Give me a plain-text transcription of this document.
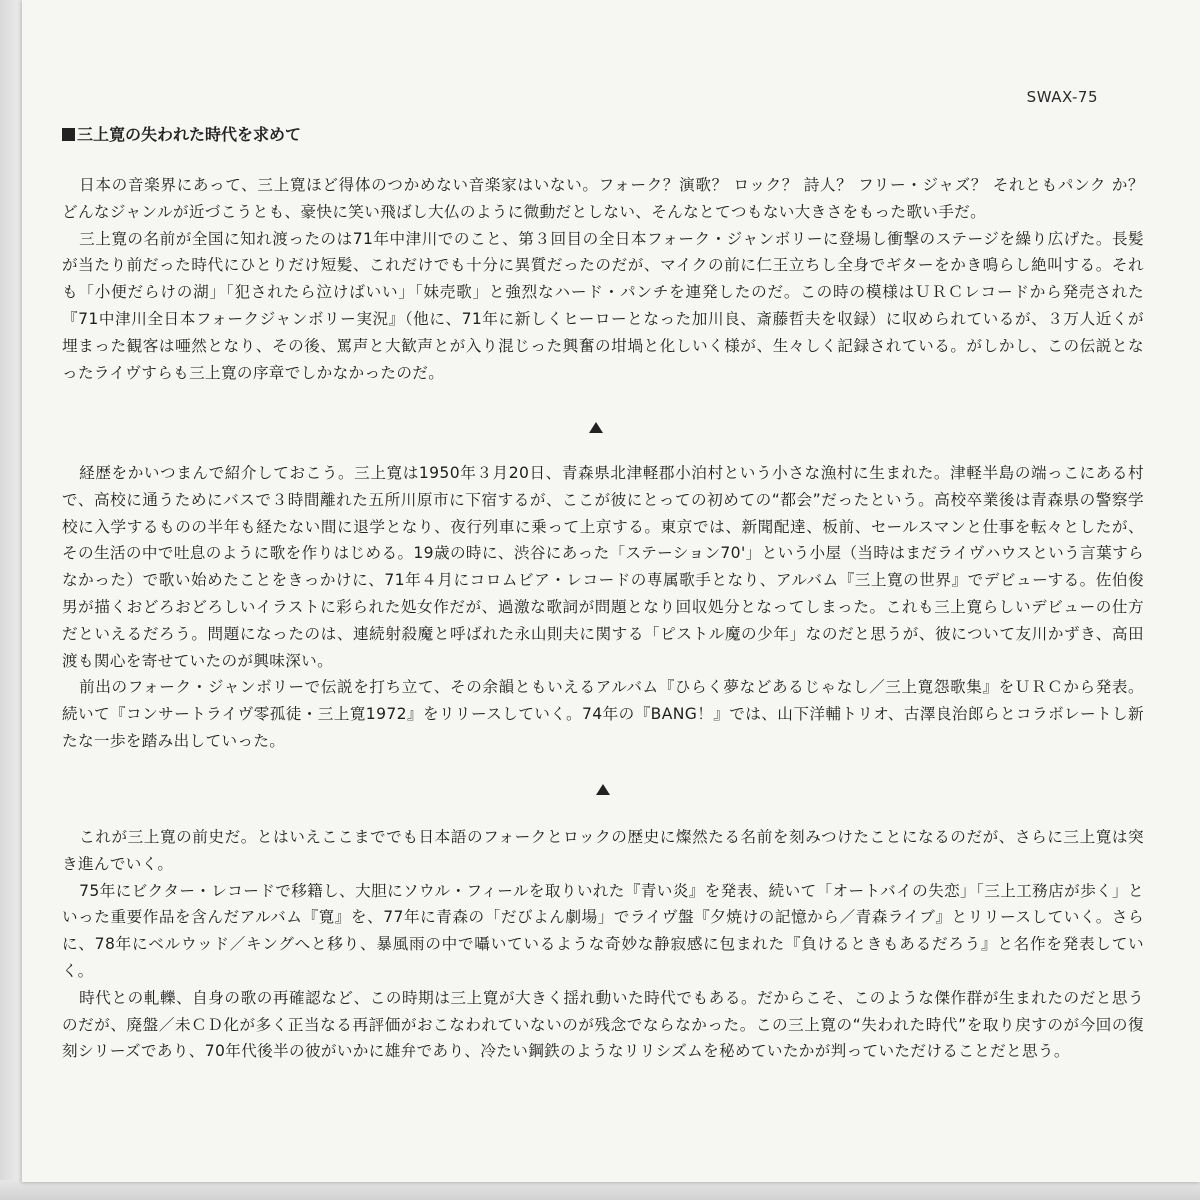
SWAX-75
三上寛の失われた時代を求めて

日本の音楽界にあって、三上寛ほど得体のつかめない音楽家はいない。フォーク？演歌？ ロック？ 詩人？ フリー・ジャズ？ それともパンク か？ どんなジャンルが近づこうとも、豪快に笑い飛ばし大仏のように微動だとしない、そんなとてつもない大きさをもった歌い手だ。

三上寛の名前が全国に知れ渡ったのは71年中津川でのこと、第３回目の全日本フォーク・ジャンボリーに登場し衝撃のステージを繰り広げた。長髪が当たり前だった時代にひとりだけ短髪、これだけでも十分に異質だったのだが、マイクの前に仁王立ちし全身でギターをかき鳴らし絶叫する。それも「小便だらけの湖」「犯されたら泣けばいい」「妹売歌」と強烈なハード・パンチを連発したのだ。この時の模様はＵＲＣレコードから発売された『71中津川全日本フォークジャンボリー実況』（他に、71年に新しくヒーローとなった加川良、斎藤哲夫を収録）に収められているが、３万人近くが埋まった観客は唖然となり、その後、罵声と大歓声とが入り混じった興奮の坩堝と化しいく様が、生々しく記録されている。がしかし、この伝説となったライヴすらも三上寛の序章でしかなかったのだ。

経歴をかいつまんで紹介しておこう。三上寛は1950年３月20日、青森県北津軽郡小泊村という小さな漁村に生まれた。津軽半島の端っこにある村で、高校に通うためにバスで３時間離れた五所川原市に下宿するが、ここが彼にとっての初めての“都会”だったという。高校卒業後は青森県の警察学校に入学するものの半年も経たない間に退学となり、夜行列車に乗って上京する。東京では、新聞配達、板前、セールスマンと仕事を転々としたが、その生活の中で吐息のように歌を作りはじめる。19歳の時に、渋谷にあった「ステーション70'」という小屋（当時はまだライヴハウスという言葉すらなかった）で歌い始めたことをきっかけに、71年４月にコロムビア・レコードの専属歌手となり、アルバム『三上寛の世界』でデビューする。佐伯俊男が描くおどろおどろしいイラストに彩られた処女作だが、過激な歌詞が問題となり回収処分となってしまった。これも三上寛らしいデビューの仕方だといえるだろう。問題になったのは、連続射殺魔と呼ばれた永山則夫に関する「ピストル魔の少年」なのだと思うが、彼について友川かずき、高田渡も関心を寄せていたのが興味深い。

前出のフォーク・ジャンボリーで伝説を打ち立て、その余韻ともいえるアルバム『ひらく夢などあるじゃなし／三上寛怨歌集』をＵＲＣから発表。続いて『コンサートライヴ零孤徒・三上寛1972』をリリースしていく。74年の『BANG！』では、山下洋輔トリオ、古澤良治郎らとコラボレートし新たな一歩を踏み出していった。

これが三上寛の前史だ。とはいえここまででも日本語のフォークとロックの歴史に燦然たる名前を刻みつけたことになるのだが、さらに三上寛は突き進んでいく。

75年にビクター・レコードで移籍し、大胆にソウル・フィールを取りいれた『青い炎』を発表、続いて「オートバイの失恋」「三上工務店が歩く」といった重要作品を含んだアルバム『寛』を、77年に青森の「だびよん劇場」でライヴ盤『夕焼けの記憶から／青森ライブ』とリリースしていく。さらに、78年にベルウッド／キングへと移り、暴風雨の中で囁いているような奇妙な静寂感に包まれた『負けるときもあるだろう』と名作を発表していく。

時代との軋轢、自身の歌の再確認など、この時期は三上寛が大きく揺れ動いた時代でもある。だからこそ、このような傑作群が生まれたのだと思うのだが、廃盤／未ＣＤ化が多く正当なる再評価がおこなわれていないのが残念でならなかった。この三上寛の“失われた時代”を取り戻すのが今回の復刻シリーズであり、70年代後半の彼がいかに雄弁であり、冷たい鋼鉄のようなリリシズムを秘めていたかが判っていただけることだと思う。
